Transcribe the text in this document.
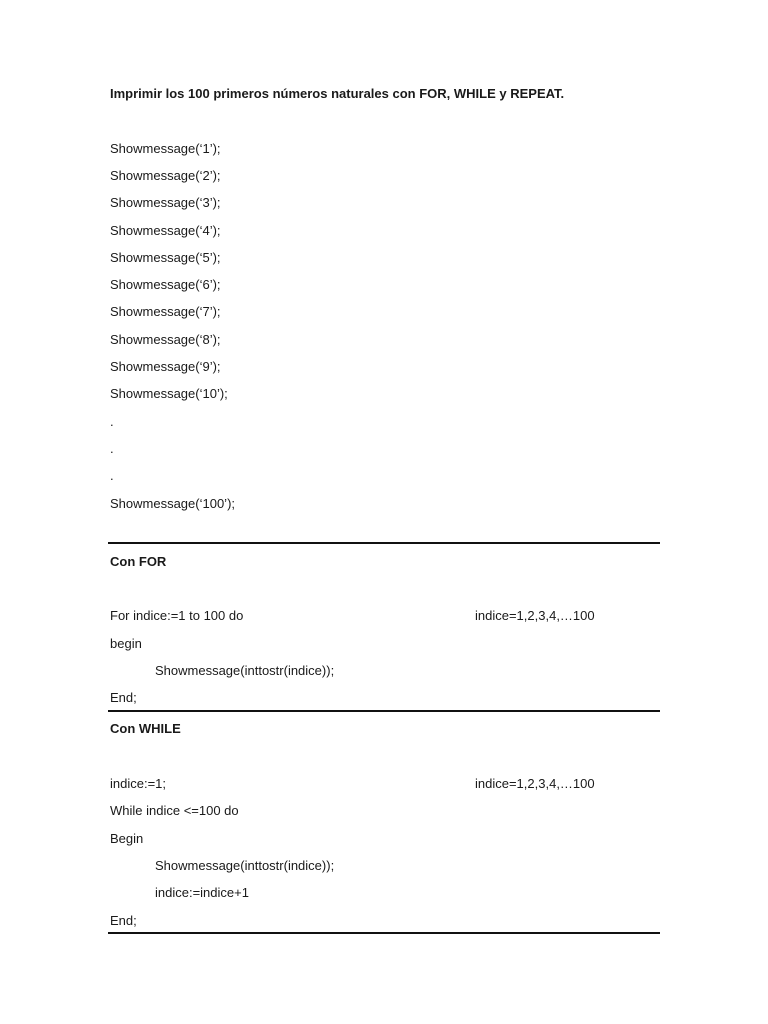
Imprimir los 100 primeros números naturales con FOR, WHILE y REPEAT.
Showmessage(‘1’);
Showmessage(‘2’);
Showmessage(‘3’);
Showmessage(‘4’);
Showmessage(‘5’);
Showmessage(‘6’);
Showmessage(‘7’);
Showmessage(‘8’);
Showmessage(‘9’);
Showmessage(‘10’);
.
.
.
Showmessage(‘100’);
Con FOR
For indice:=1 to 100 do	indice=1,2,3,4,…100
begin
Showmessage(inttostr(indice));
End;
Con WHILE
indice:=1;	indice=1,2,3,4,…100
While indice <=100 do
Begin
Showmessage(inttostr(indice));
indice:=indice+1
End;
